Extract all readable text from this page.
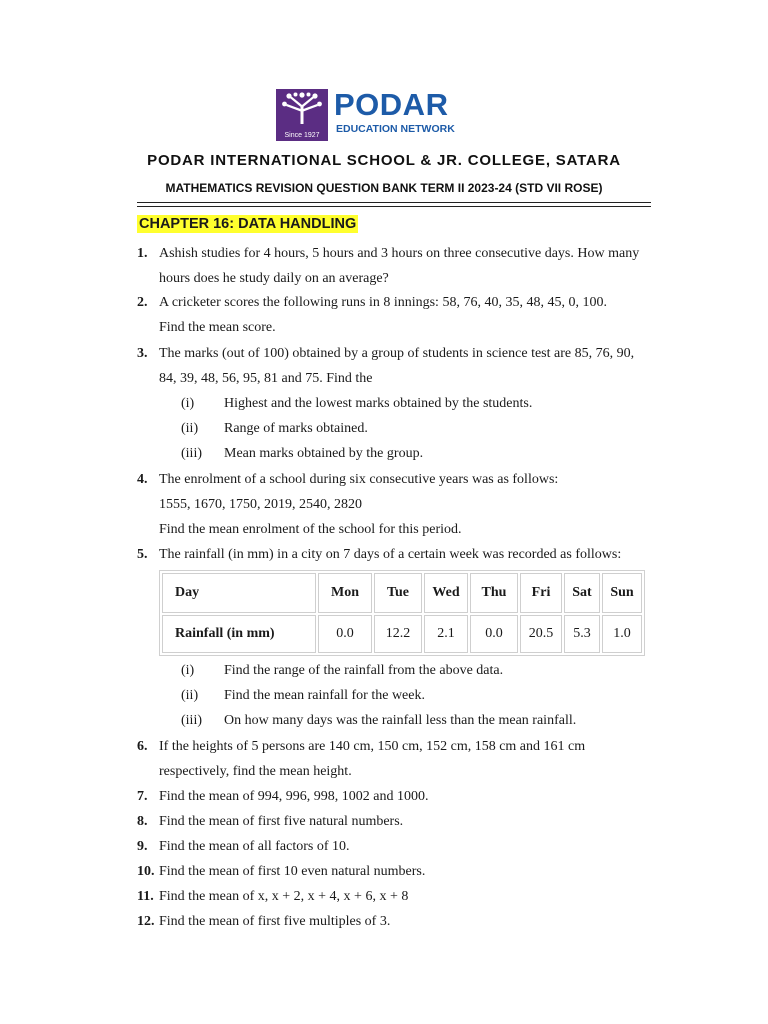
Since 1927
PODAR
EDUCATION NETWORK
PODAR INTERNATIONAL SCHOOL & JR. COLLEGE, SATARA
MATHEMATICS REVISION QUESTION BANK TERM II 2023-24 (STD VII ROSE)
CHAPTER 16: DATA HANDLING
1. Ashish studies for 4 hours, 5 hours and 3 hours on three consecutive days. How many
hours does he study daily on an average?
2. A cricketer scores the following runs in 8 innings: 58, 76, 40, 35, 48, 45, 0, 100.
Find the mean score.
3. The marks (out of 100) obtained by a group of students in science test are 85, 76, 90,
84, 39, 48, 56, 95, 81 and 75. Find the
(i) Highest and the lowest marks obtained by the students.
(ii) Range of marks obtained.
(iii) Mean marks obtained by the group.
4. The enrolment of a school during six consecutive years was as follows:
1555, 1670, 1750, 2019, 2540, 2820
Find the mean enrolment of the school for this period.
5. The rainfall (in mm) in a city on 7 days of a certain week was recorded as follows:
Day	Mon	Tue	Wed	Thu	Fri	Sat	Sun
Rainfall (in mm)	0.0	12.2	2.1	0.0	20.5	5.3	1.0
(i) Find the range of the rainfall from the above data.
(ii) Find the mean rainfall for the week.
(iii) On how many days was the rainfall less than the mean rainfall.
6. If the heights of 5 persons are 140 cm, 150 cm, 152 cm, 158 cm and 161 cm
respectively, find the mean height.
7. Find the mean of 994, 996, 998, 1002 and 1000.
8. Find the mean of first five natural numbers.
9. Find the mean of all factors of 10.
10. Find the mean of first 10 even natural numbers.
11. Find the mean of x, x + 2, x + 4, x + 6, x + 8
12. Find the mean of first five multiples of 3.
